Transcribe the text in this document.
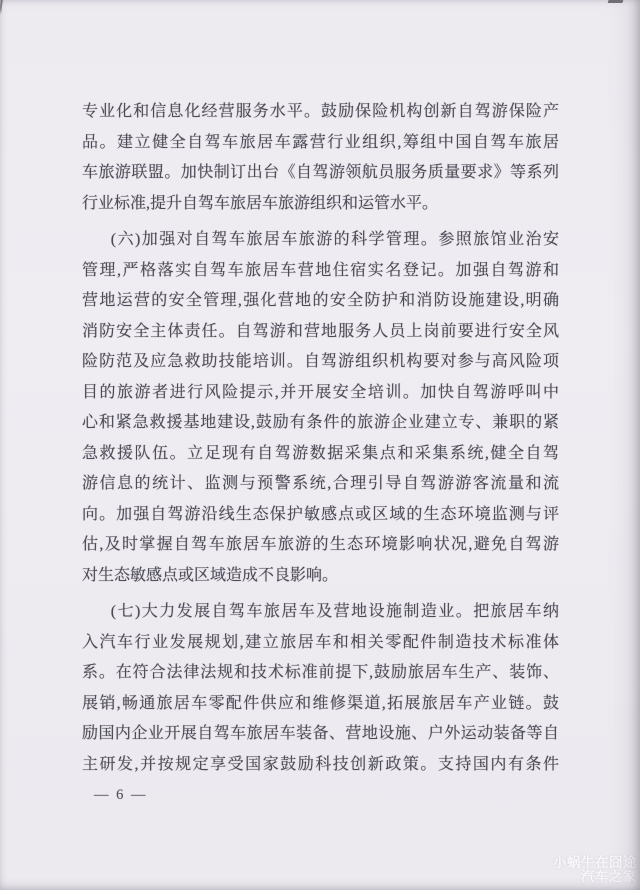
专业化和信息化经营服务水平。鼓励保险机构创新自驾游保险产
品。建立健全自驾车旅居车露营行业组织,筹组中国自驾车旅居
车旅游联盟。加快制订出台《自驾游领航员服务质量要求》等系列
行业标准,提升自驾车旅居车旅游组织和运管水平。
(六)加强对自驾车旅居车旅游的科学管理。参照旅馆业治安
管理,严格落实自驾车旅居车营地住宿实名登记。加强自驾游和
营地运营的安全管理,强化营地的安全防护和消防设施建设,明确
消防安全主体责任。自驾游和营地服务人员上岗前要进行安全风
险防范及应急救助技能培训。自驾游组织机构要对参与高风险项
目的旅游者进行风险提示,并开展安全培训。加快自驾游呼叫中
心和紧急救援基地建设,鼓励有条件的旅游企业建立专、兼职的紧
急救援队伍。立足现有自驾游数据采集点和采集系统,健全自驾
游信息的统计、监测与预警系统,合理引导自驾游游客流量和流
向。加强自驾游沿线生态保护敏感点或区域的生态环境监测与评
估,及时掌握自驾车旅居车旅游的生态环境影响状况,避免自驾游
对生态敏感点或区域造成不良影响。
(七)大力发展自驾车旅居车及营地设施制造业。把旅居车纳
入汽车行业发展规划,建立旅居车和相关零配件制造技术标准体
系。在符合法律法规和技术标准前提下,鼓励旅居车生产、装饰、
展销,畅通旅居车零配件供应和维修渠道,拓展旅居车产业链。鼓
励国内企业开展自驾车旅居车装备、营地设施、户外运动装备等自
主研发,并按规定享受国家鼓励科技创新政策。支持国内有条件
— 6 —
小蜗牛在囧途
汽车之家
